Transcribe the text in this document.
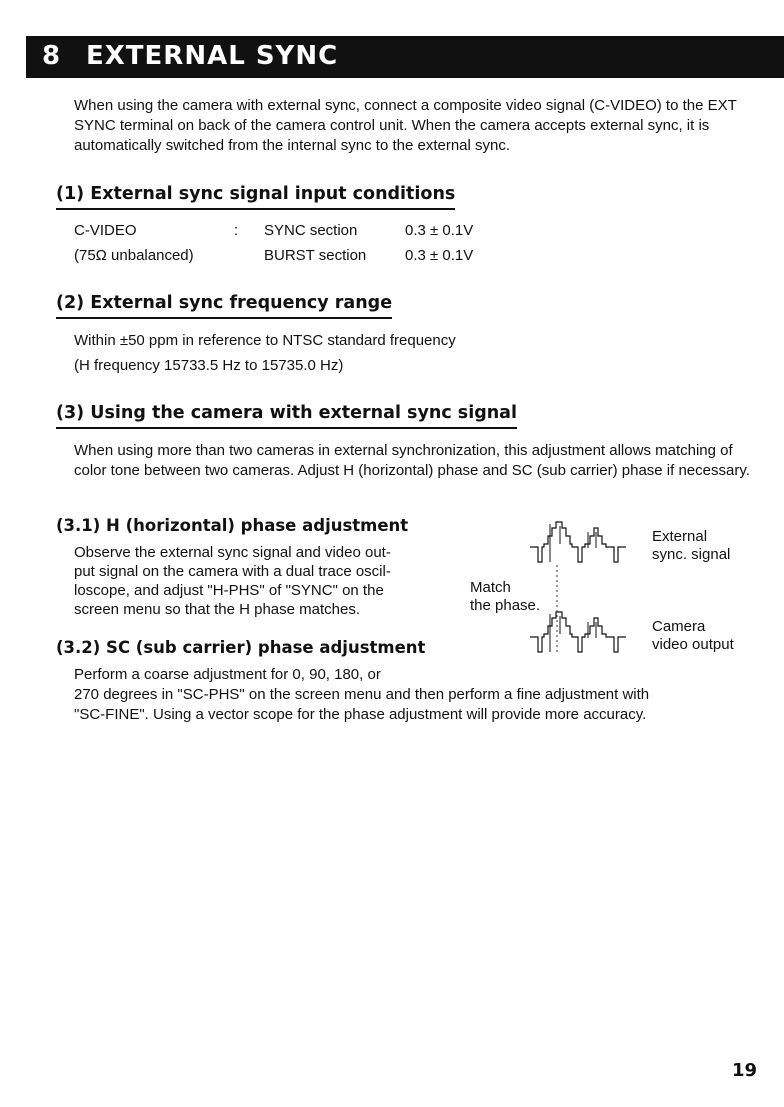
8 EXTERNAL SYNC

When using the camera with external sync, connect a composite video signal (C-VIDEO) to the EXT SYNC terminal on back of the camera control unit. When the camera accepts external sync, it is automatically switched from the internal sync to the external sync.

(1) External sync signal input conditions
C-VIDEO	: SYNC section	0.3 ± 0.1V
(75Ω unbalanced)	BURST section	0.3 ± 0.1V
(2) External sync frequency range
Within ±50 ppm in reference to NTSC standard frequency
(H frequency 15733.5 Hz to 15735.0 Hz)
(3) Using the camera with external sync signal

When using more than two cameras in external synchronization, this adjustment allows matching of color tone between two cameras. Adjust H (horizontal) phase and SC (sub carrier) phase if necessary.

(3.1) H (horizontal) phase adjustment
Observe the external sync signal and video out-
put signal on the camera with a dual trace oscil-
loscope, and adjust "H-PHS" of "SYNC" on the
screen menu so that the H phase matches.
(3.2) SC (sub carrier) phase adjustment
Perform a coarse adjustment for 0, 90, 180, or
270 degrees in "SC-PHS" on the screen menu and then perform a fine adjustment with
"SC-FINE". Using a vector scope for the phase adjustment will provide more accuracy.
External
sync. signal
Match
the phase.
Camera
video output
19
